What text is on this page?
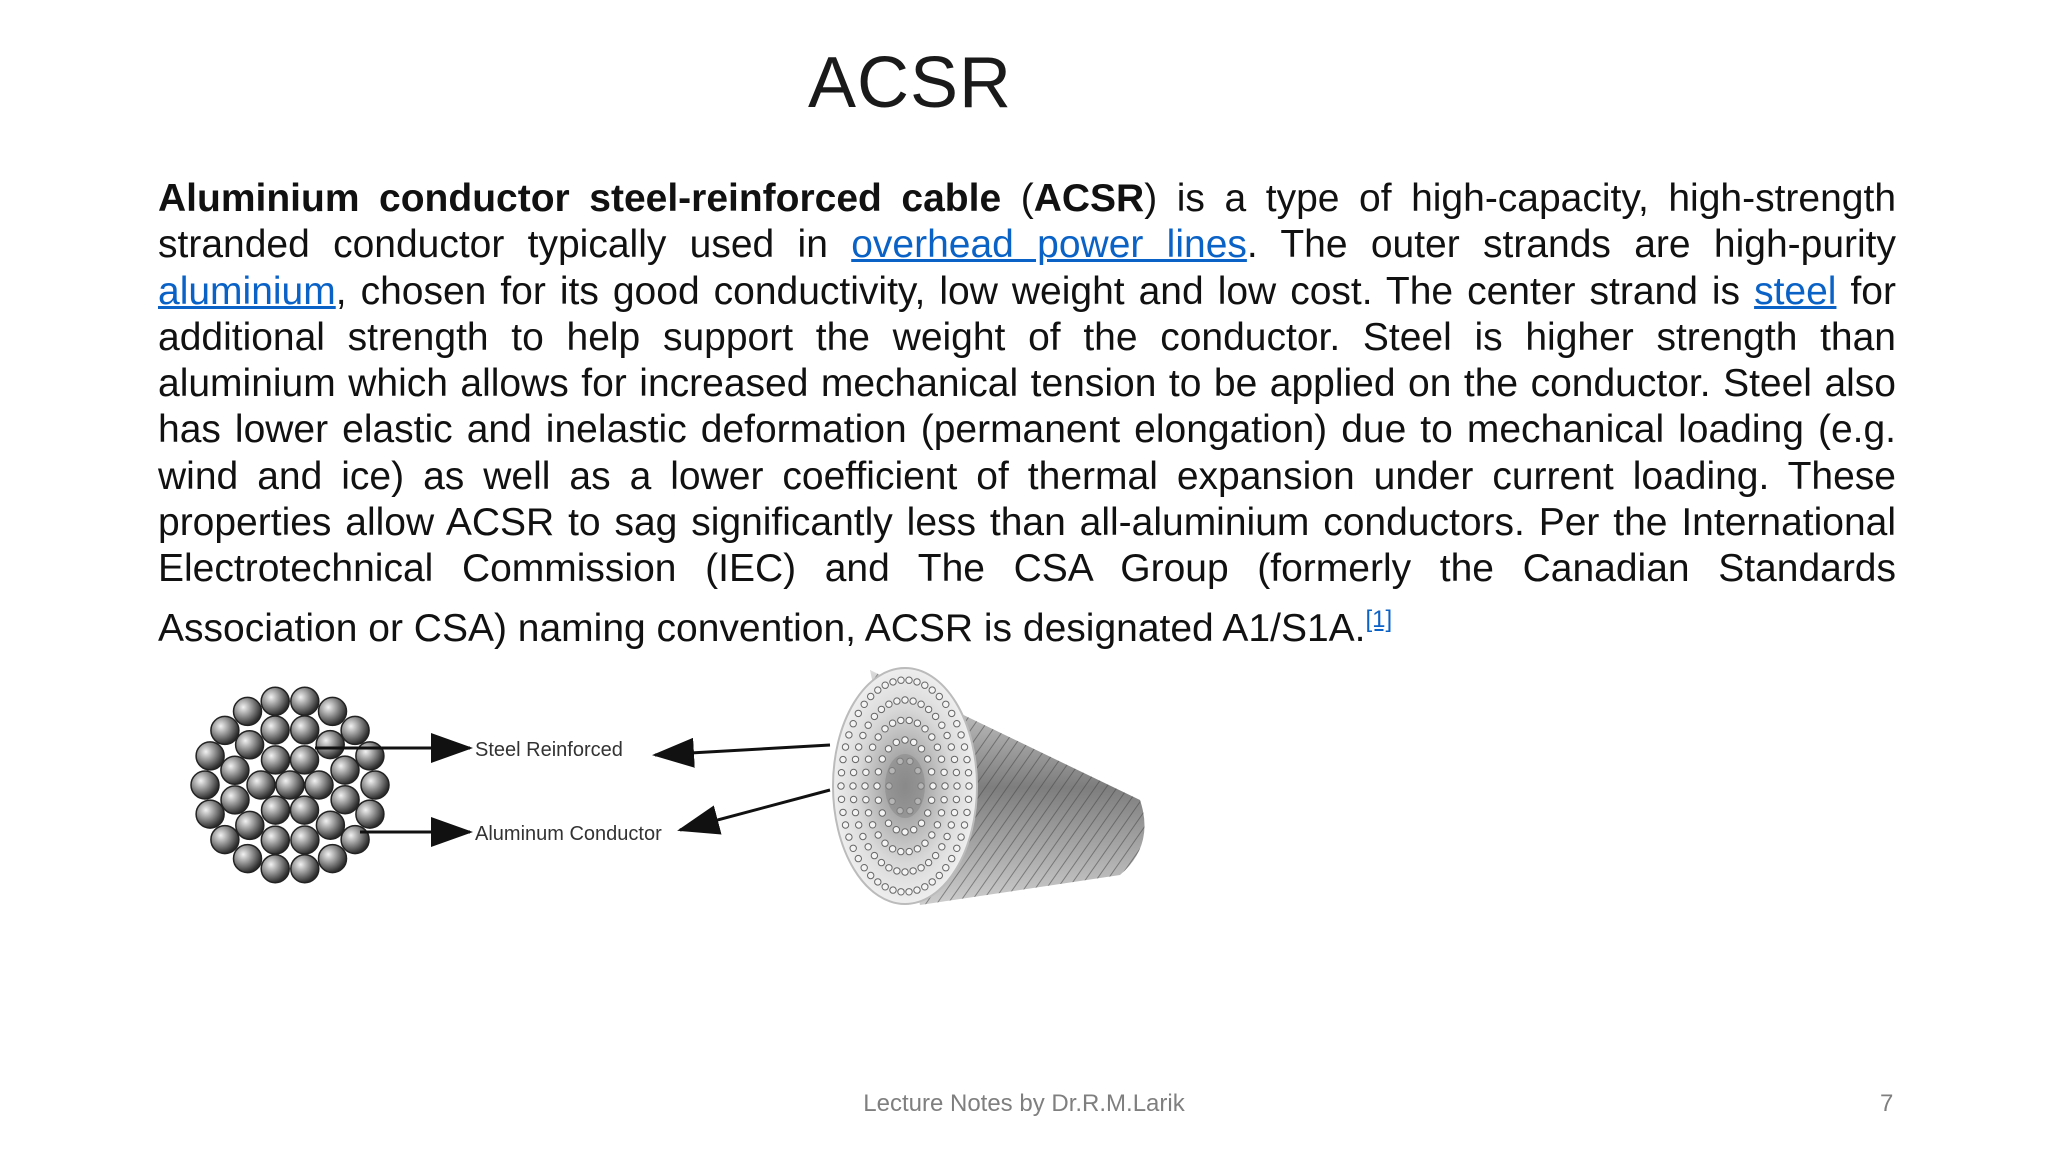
ACSR
Aluminium conductor steel-reinforced cable (ACSR) is a type of high-capacity, high-strength stranded conductor typically used in overhead power lines. The outer strands are high-purity aluminium, chosen for its good conductivity, low weight and low cost. The center strand is steel for additional strength to help support the weight of the conductor. Steel is higher strength than aluminium which allows for increased mechanical tension to be applied on the conductor. Steel also has lower elastic and inelastic deformation (permanent elongation) due to mechanical loading (e.g. wind and ice) as well as a lower coefficient of thermal expansion under current loading. These properties allow ACSR to sag significantly less than all-aluminium conductors. Per the International Electrotechnical Commission (IEC) and The CSA Group (formerly the Canadian Standards Association or CSA) naming convention, ACSR is designated A1/S1A.[1]
Steel Reinforced
Aluminum Conductor
Lecture Notes by Dr.R.M.Larik	7
